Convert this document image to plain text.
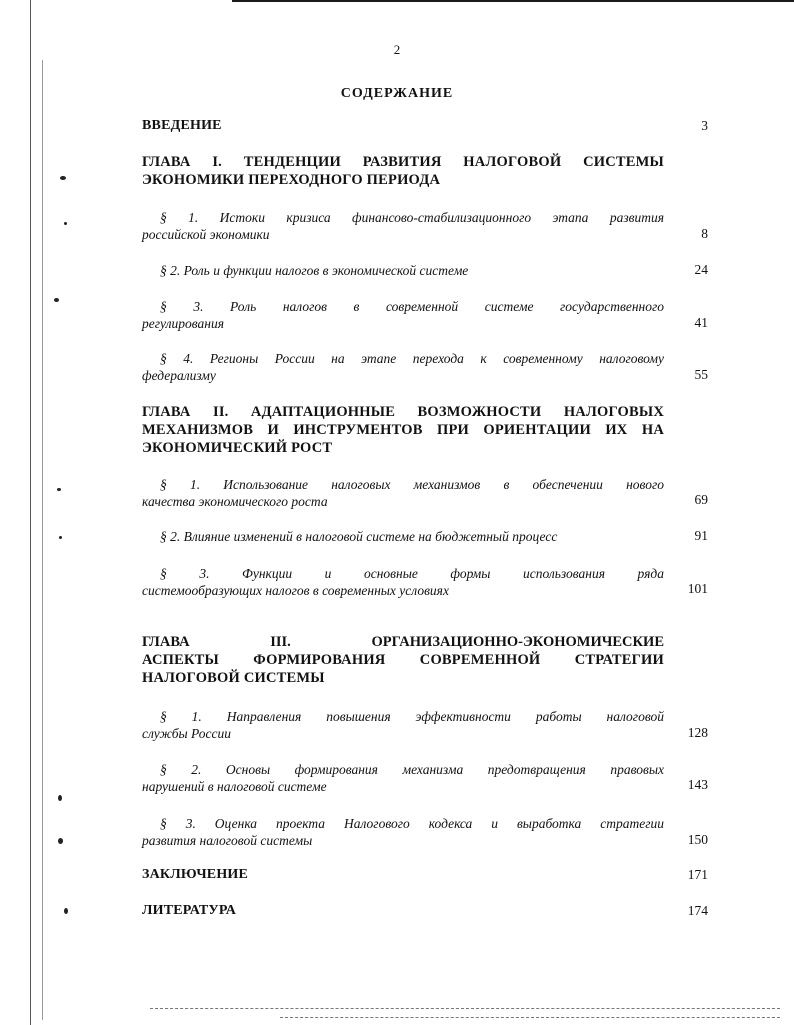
2
СОДЕРЖАНИЕ
ВВЕДЕНИЕ	3
ГЛАВА I. ТЕНДЕНЦИИ РАЗВИТИЯ НАЛОГОВОЙ СИСТЕМЫ ЭКОНОМИКИ ПЕРЕХОДНОГО ПЕРИОДА
§ 1. Истоки кризиса финансово-стабилизационного этапа развития
российской экономики	8
§ 2. Роль и функции налогов в экономической системе	24
§ 3. Роль налогов в современной системе государственного
регулирования	41
§ 4. Регионы России на этапе перехода к современному налоговому
федерализму	55
ГЛАВА II. АДАПТАЦИОННЫЕ ВОЗМОЖНОСТИ НАЛОГОВЫХ МЕХАНИЗМОВ И ИНСТРУМЕНТОВ ПРИ ОРИЕНТАЦИИ ИХ НА ЭКОНОМИЧЕСКИЙ РОСТ
§ 1. Использование налоговых механизмов в обеспечении нового
качества экономического роста	69
§ 2. Влияние изменений в налоговой системе на бюджетный процесс	91
§ 3. Функции и основные формы использования ряда
системообразующих налогов в современных условиях	101
ГЛАВА	III.	ОРГАНИЗАЦИОННО-ЭКОНОМИЧЕСКИЕ
АСПЕКТЫ ФОРМИРОВАНИЯ СОВРЕМЕННОЙ СТРАТЕГИИ НАЛОГОВОЙ СИСТЕМЫ
§ 1. Направления повышения эффективности работы налоговой
службы России	128
§ 2. Основы формирования механизма предотвращения правовых
нарушений в налоговой системе	143
§ 3. Оценка проекта Налогового кодекса и выработка стратегии
развития налоговой системы	150
ЗАКЛЮЧЕНИЕ	171
ЛИТЕРАТУРА	174
